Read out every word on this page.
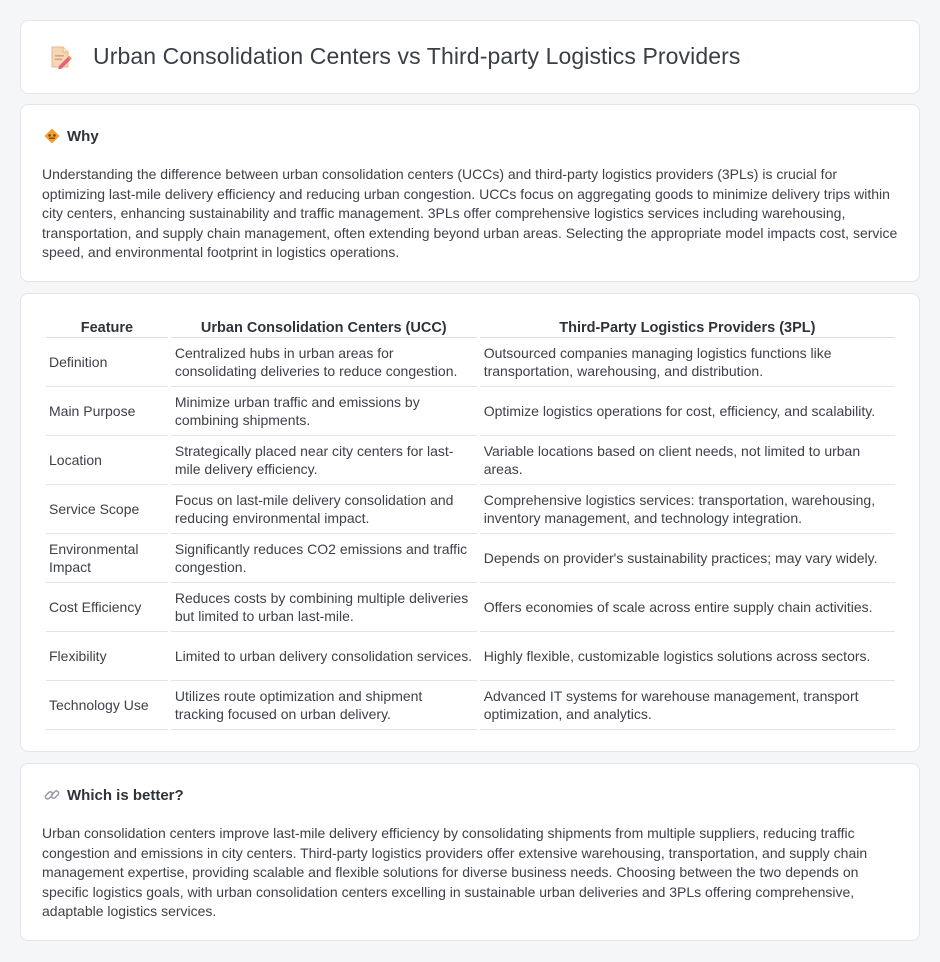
Urban Consolidation Centers vs Third-party Logistics Providers
Why

Understanding the difference between urban consolidation centers (UCCs) and third-party logistics providers (3PLs) is crucial for optimizing last-mile delivery efficiency and reducing urban congestion. UCCs focus on aggregating goods to minimize delivery trips within city centers, enhancing sustainability and traffic management. 3PLs offer comprehensive logistics services including warehousing, transportation, and supply chain management, often extending beyond urban areas. Selecting the appropriate model impacts cost, service speed, and environmental footprint in logistics operations.

Feature	Urban Consolidation Centers (UCC)	Third-Party Logistics Providers (3PL)
Definition	Centralized hubs in urban areas for consolidating deliveries to reduce congestion.	Outsourced companies managing logistics functions like transportation, warehousing, and distribution.
Main Purpose	Minimize urban traffic and emissions by combining shipments.	Optimize logistics operations for cost, efficiency, and scalability.
Location	Strategically placed near city centers for last-mile delivery efficiency.	Variable locations based on client needs, not limited to urban areas.
Service Scope	Focus on last-mile delivery consolidation and reducing environmental impact.	Comprehensive logistics services: transportation, warehousing, inventory management, and technology integration.
Environmental Impact	Significantly reduces CO2 emissions and traffic congestion.	Depends on provider's sustainability practices; may vary widely.
Cost Efficiency	Reduces costs by combining multiple deliveries but limited to urban last-mile.	Offers economies of scale across entire supply chain activities.
Flexibility	Limited to urban delivery consolidation services.	Highly flexible, customizable logistics solutions across sectors.
Technology Use	Utilizes route optimization and shipment tracking focused on urban delivery.	Advanced IT systems for warehouse management, transport optimization, and analytics.
Which is better?

Urban consolidation centers improve last-mile delivery efficiency by consolidating shipments from multiple suppliers, reducing traffic congestion and emissions in city centers. Third-party logistics providers offer extensive warehousing, transportation, and supply chain management expertise, providing scalable and flexible solutions for diverse business needs. Choosing between the two depends on specific logistics goals, with urban consolidation centers excelling in sustainable urban deliveries and 3PLs offering comprehensive, adaptable logistics services.
